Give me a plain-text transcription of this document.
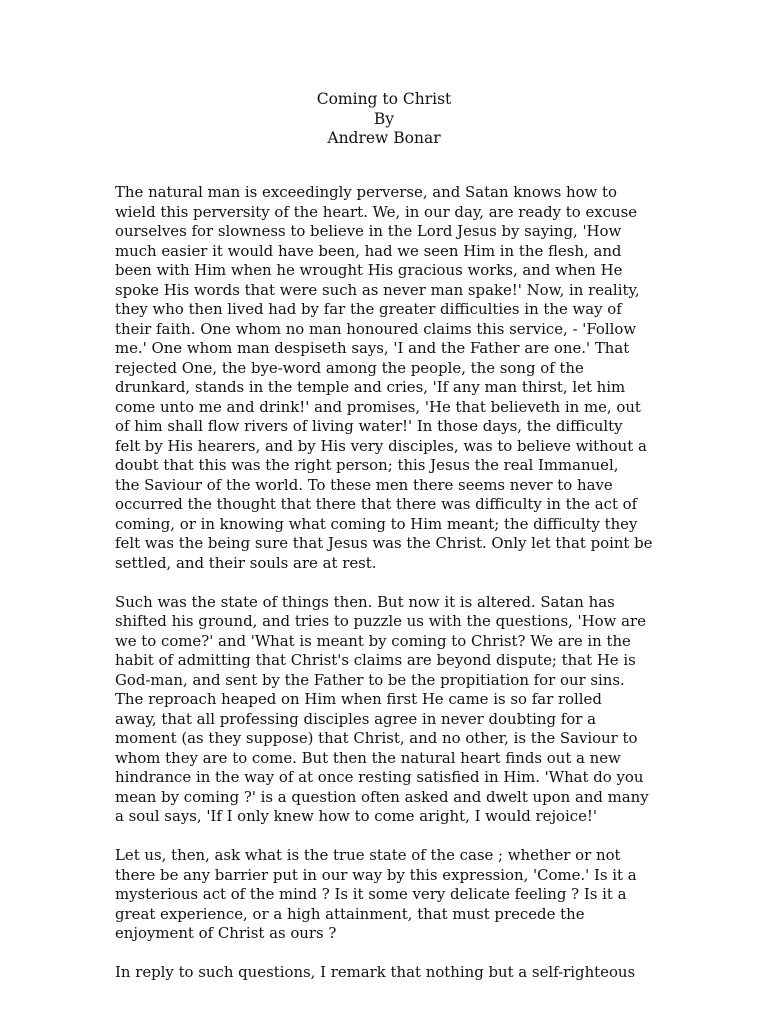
Coming to Christ
By
Andrew Bonar
The natural man is exceedingly perverse, and Satan knows how to
wield this perversity of the heart. We, in our day, are ready to excuse
ourselves for slowness to believe in the Lord Jesus by saying, 'How
much easier it would have been, had we seen Him in the flesh, and
been with Him when he wrought His gracious works, and when He
spoke His words that were such as never man spake!' Now, in reality,
they who then lived had by far the greater difficulties in the way of
their faith. One whom no man honoured claims this service, - 'Follow
me.' One whom man despiseth says, 'I and the Father are one.' That
rejected One, the bye-word among the people, the song of the
drunkard, stands in the temple and cries, 'If any man thirst, let him
come unto me and drink!' and promises, 'He that believeth in me, out
of him shall flow rivers of living water!' In those days, the difficulty
felt by His hearers, and by His very disciples, was to believe without a
doubt that this was the right person; this Jesus the real Immanuel,
the Saviour of the world. To these men there seems never to have
occurred the thought that there that there was difficulty in the act of
coming, or in knowing what coming to Him meant; the difficulty they
felt was the being sure that Jesus was the Christ. Only let that point be
settled, and their souls are at rest.
Such was the state of things then. But now it is altered. Satan has
shifted his ground, and tries to puzzle us with the questions, 'How are
we to come?' and 'What is meant by coming to Christ? We are in the
habit of admitting that Christ's claims are beyond dispute; that He is
God-man, and sent by the Father to be the propitiation for our sins.
The reproach heaped on Him when first He came is so far rolled
away, that all professing disciples agree in never doubting for a
moment (as they suppose) that Christ, and no other, is the Saviour to
whom they are to come. But then the natural heart finds out a new
hindrance in the way of at once resting satisfied in Him. 'What do you
mean by coming ?' is a question often asked and dwelt upon and many
a soul says, 'If I only knew how to come aright, I would rejoice!'
Let us, then, ask what is the true state of the case ; whether or not
there be any barrier put in our way by this expression, 'Come.' Is it a
mysterious act of the mind ? Is it some very delicate feeling ? Is it a
great experience, or a high attainment, that must precede the
enjoyment of Christ as ours ?
In reply to such questions, I remark that nothing but a self-righteous
